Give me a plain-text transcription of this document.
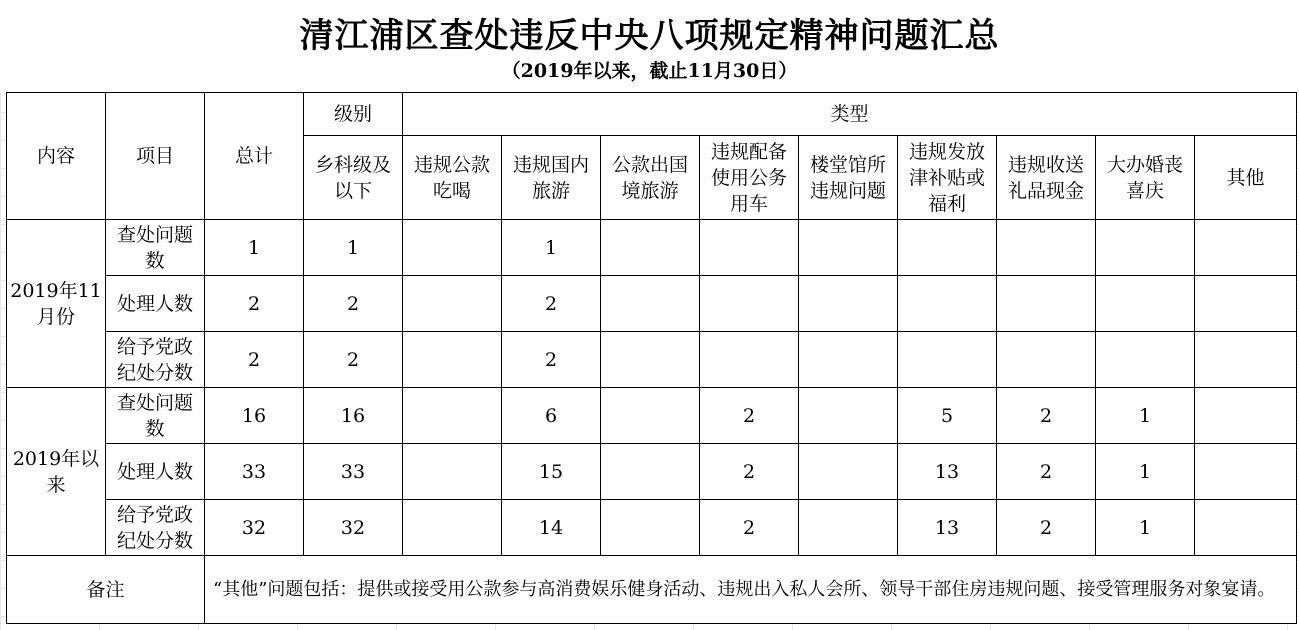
清江浦区查处违反中央八项规定精神问题汇总
（2019年以来，截止11月30日）
内容	项目	总计	级别	类型								
			乡科级及以下	违规公款吃喝	违规国内旅游	公款出国境旅游	违规配备使用公务用车	楼堂馆所违规问题	违规发放津补贴或福利	违规收送礼品现金	大办婚丧喜庆	其他
2019年11月份	查处问题数	1	1		1							
	处理人数	2	2		2							
	给予党政纪处分数	2	2		2							
2019年以来	查处问题数	16	16		6		2		5	2	1	
	处理人数	33	33		15		2		13	2	1	
	给予党政纪处分数	32	32		14		2		13	2	1	
备注		“其他”问题包括：提供或接受用公款参与高消费娱乐健身活动、违规出入私人会所、领导干部住房违规问题、接受管理服务对象宴请。										
